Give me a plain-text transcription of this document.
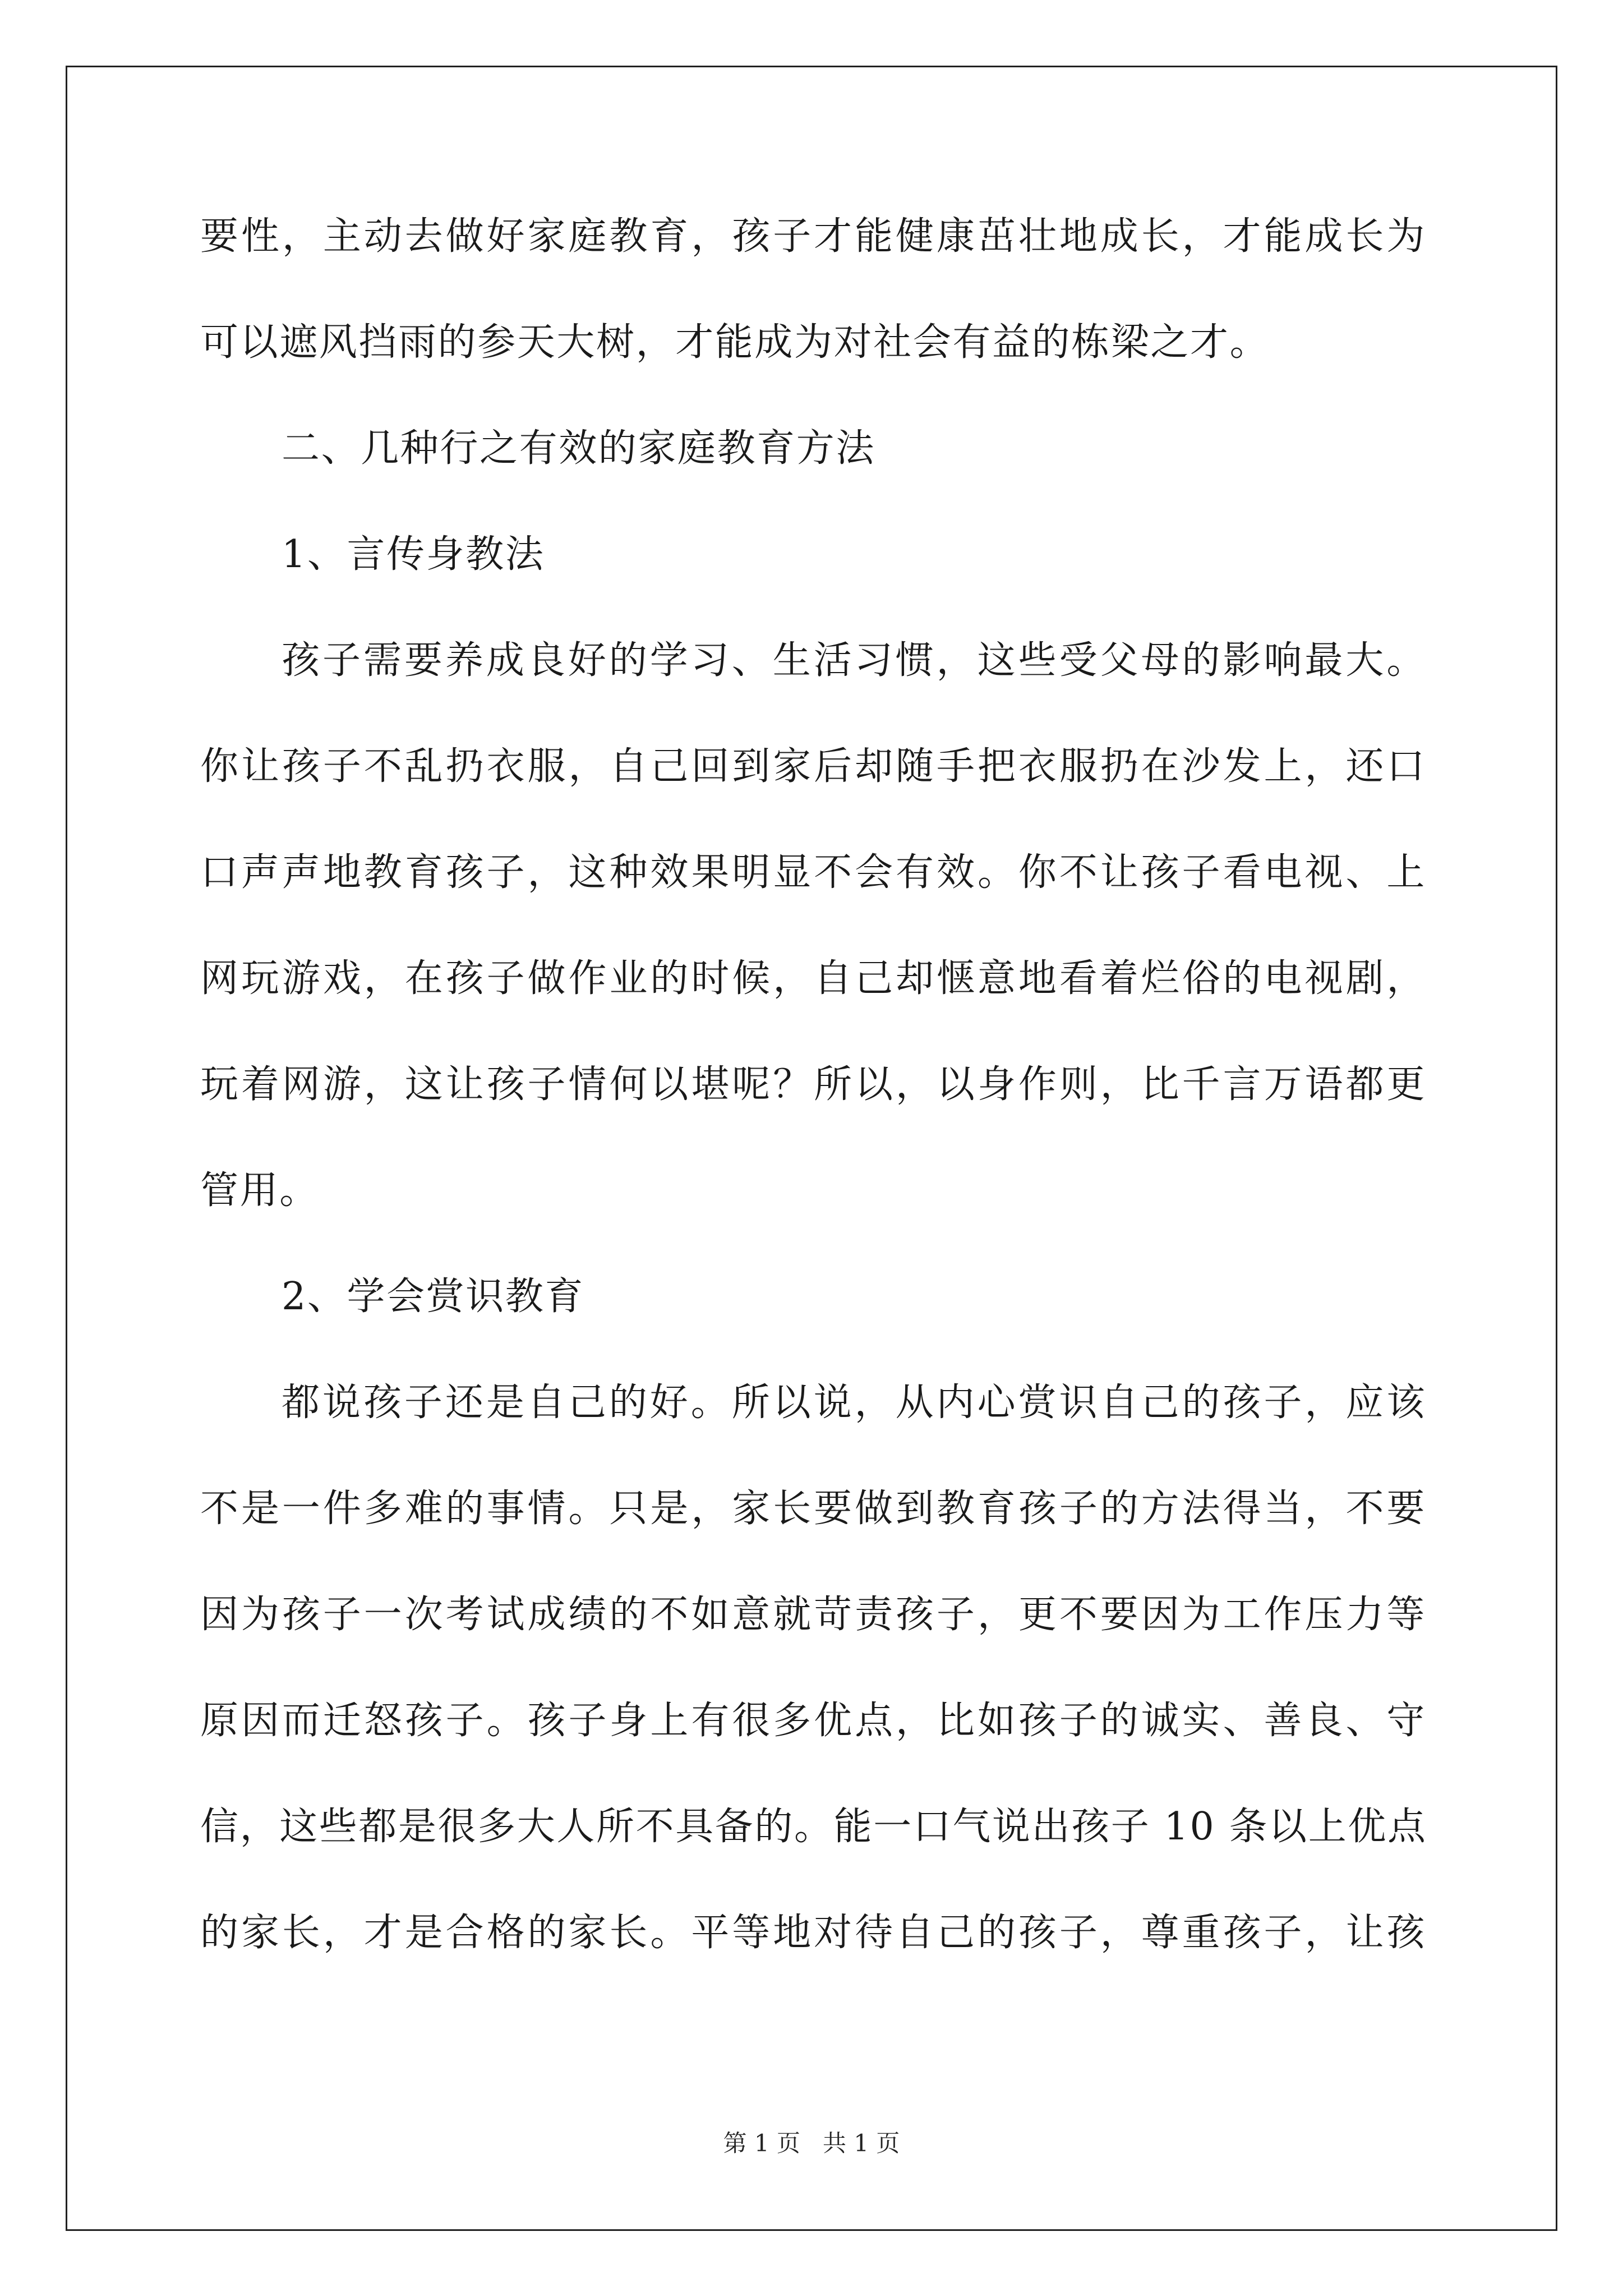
要性，主动去做好家庭教育，孩子才能健康茁壮地成长，才能成长为
可以遮风挡雨的参天大树，才能成为对社会有益的栋梁之才。
二、几种行之有效的家庭教育方法
1、言传身教法
孩子需要养成良好的学习、生活习惯，这些受父母的影响最大。
你让孩子不乱扔衣服，自己回到家后却随手把衣服扔在沙发上，还口
口声声地教育孩子，这种效果明显不会有效。你不让孩子看电视、上
网玩游戏，在孩子做作业的时候，自己却惬意地看着烂俗的电视剧，
玩着网游，这让孩子情何以堪呢？所以，以身作则，比千言万语都更
管用。
2、学会赏识教育
都说孩子还是自己的好。所以说，从内心赏识自己的孩子，应该
不是一件多难的事情。只是，家长要做到教育孩子的方法得当，不要
因为孩子一次考试成绩的不如意就苛责孩子，更不要因为工作压力等
原因而迁怒孩子。孩子身上有很多优点，比如孩子的诚实、善良、守
信，这些都是很多大人所不具备的。能一口气说出孩子 10 条以上优点
的家长，才是合格的家长。平等地对待自己的孩子，尊重孩子，让孩
第 1 页 共 1 页
